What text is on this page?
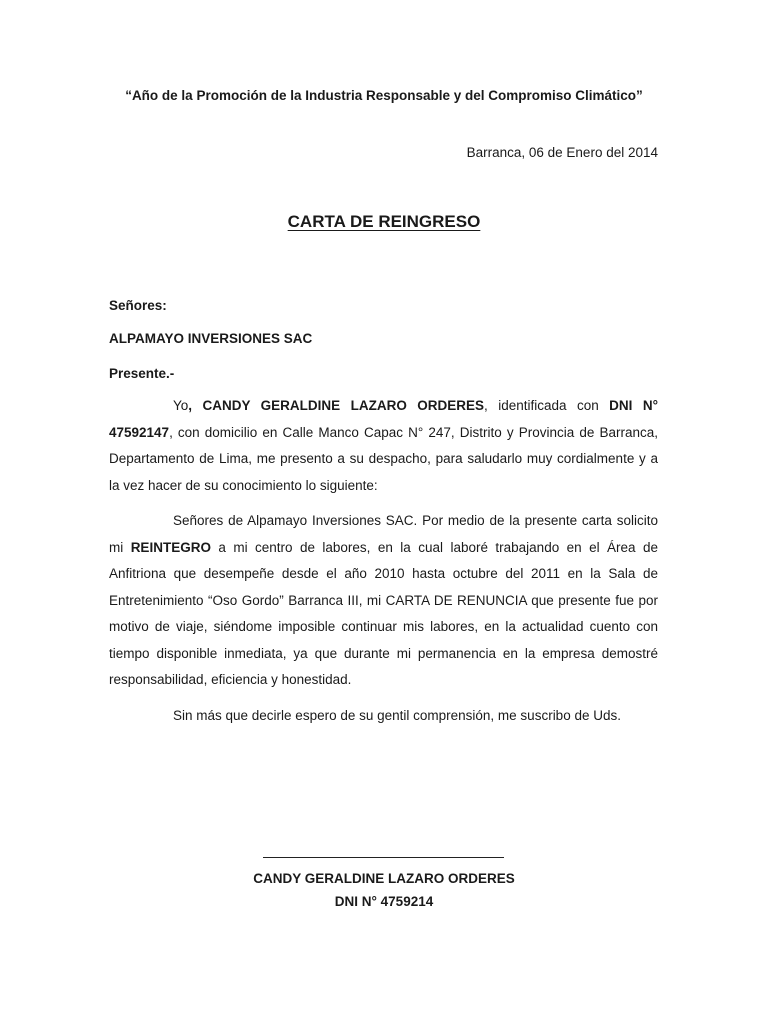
“Año de la Promoción de la Industria Responsable y del Compromiso Climático”
Barranca, 06 de Enero del 2014
CARTA DE REINGRESO
Señores:
ALPAMAYO INVERSIONES SAC
Presente.-
Yo, CANDY GERALDINE LAZARO ORDERES, identificada con DNI N° 47592147, con domicilio en Calle Manco Capac N° 247, Distrito y Provincia de Barranca, Departamento de Lima, me presento a su despacho, para saludarlo muy cordialmente y a la vez hacer de su conocimiento lo siguiente:
Señores de Alpamayo Inversiones SAC. Por medio de la presente carta solicito mi REINTEGRO a mi centro de labores, en la cual laboré trabajando en el Área de Anfitriona que desempeñe desde el año 2010 hasta octubre del 2011 en la Sala de Entretenimiento “Oso Gordo” Barranca III, mi CARTA DE RENUNCIA que presente fue por motivo de viaje, siéndome imposible continuar mis labores, en la actualidad cuento con tiempo disponible inmediata, ya que durante mi permanencia en la empresa demostré responsabilidad, eficiencia y honestidad.
Sin más que decirle espero de su gentil comprensión, me suscribo de Uds.
CANDY GERALDINE LAZARO ORDERES
DNI N° 4759214
